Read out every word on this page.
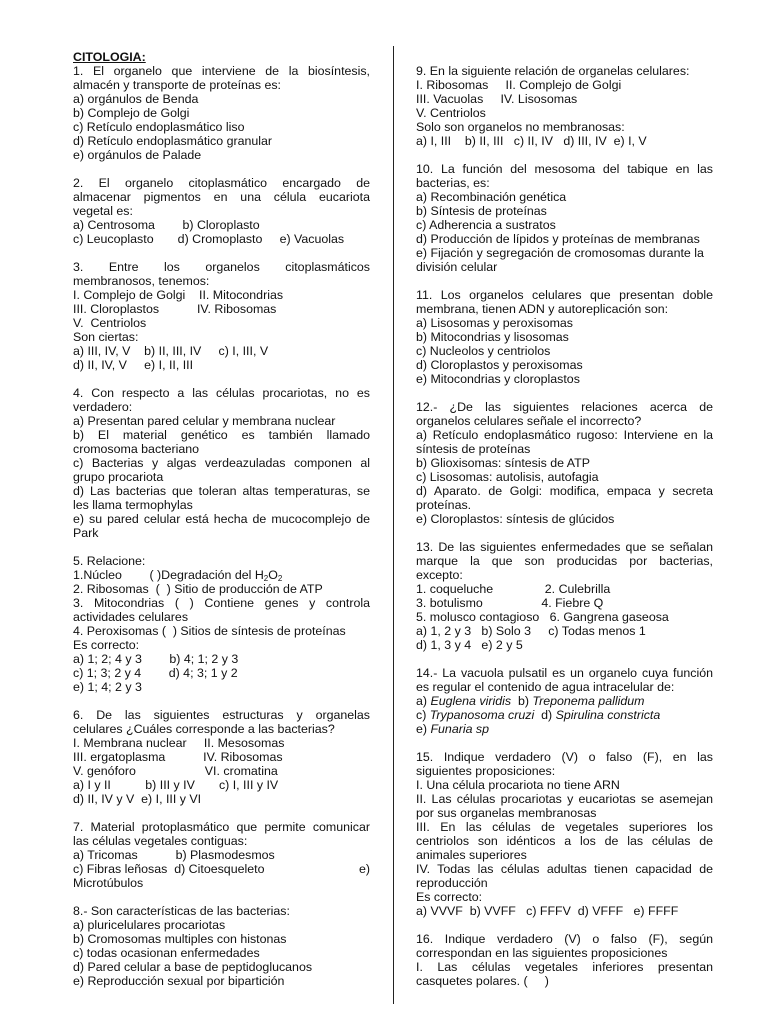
CITOLOGIA:
1. El organelo que interviene de la biosíntesis,
almacén y transporte de proteínas es:
a) orgánulos de Benda
b) Complejo de Golgi
c) Retículo endoplasmático liso
d) Retículo endoplasmático granular
e) orgánulos de Palade
2. El organelo citoplasmático encargado de
almacenar pigmentos en una célula eucariota
vegetal es:
a) Centrosoma        b) Cloroplasto
c) Leucoplasto       d) Cromoplasto     e) Vacuolas
3. Entre los organelos citoplasmáticos
membranosos, tenemos:
I. Complejo de Golgi    II. Mitocondrias
III. Cloroplastos           IV. Ribosomas
V.  Centriolos
Son ciertas:
a) III, IV, V    b) II, III, IV     c) I, III, V
d) II, IV, V     e) I, II, III
4. Con respecto a las células procariotas, no es
verdadero:
a) Presentan pared celular y membrana nuclear
b) El material genético es también llamado
cromosoma bacteriano
c) Bacterias y algas verdeazuladas componen al
grupo procariota
d) Las bacterias que toleran altas temperaturas, se
les llama termophylas
e) su pared celular está hecha de mucocomplejo de
Park
5. Relacione:
1.Núcleo        ( )Degradación del $H_2O_2$
2. Ribosomas  (  ) Sitio de producción de ATP
3. Mitocondrias ( ) Contiene genes y controla
actividades celulares
4. Peroxisomas (  ) Sitios de síntesis de proteínas
Es correcto:
a) 1; 2; 4 y 3        b) 4; 1; 2 y 3
c) 1; 3; 2 y 4        d) 4; 3; 1 y 2
e) 1; 4; 2 y 3
6. De las siguientes estructuras y organelas
celulares ¿Cuáles corresponde a las bacterias?
I. Membrana nuclear     II. Mesosomas
III. ergatoplasma           IV. Ribosomas
V. genóforo                    VI. cromatina
a) I y II          b) III y IV       c) I, III y IV
d) II, IV y V  e) I, III y VI
7. Material protoplasmático que permite comunicar
las células vegetales contiguas:
a) Tricomas           b) Plasmodesmos
c) Fibras leñosas  d) Citoesqueleto	e)
Microtúbulos
8.- Son características de las bacterias:
a) pluricelulares procariotas
b) Cromosomas multiples con histonas
c) todas ocasionan enfermedades
d) Pared celular a base de peptidoglucanos
e) Reproducción sexual por bipartición
9. En la siguiente relación de organelas celulares:
I. Ribosomas     II. Complejo de Golgi
III. Vacuolas     IV. Lisosomas
V. Centriolos
Solo son organelos no membranosas:
a) I, III    b) II, III   c) II, IV   d) III, IV  e) I, V
10. La función del mesosoma del tabique en las
bacterias, es:
a) Recombinación genética
b) Síntesis de proteínas
c) Adherencia a sustratos
d) Producción de lípidos y proteínas de membranas
e) Fijación y segregación de cromosomas durante la
división celular
11. Los organelos celulares que presentan doble
membrana, tienen ADN y autoreplicación son:
a) Lisosomas y peroxisomas
b) Mitocondrias y lisosomas
c) Nucleolos y centriolos
d) Cloroplastos y peroxisomas
e) Mitocondrias y cloroplastos
12.- ¿De las siguientes relaciones acerca de
organelos celulares señale el incorrecto?
a) Retículo endoplasmático rugoso: Interviene en la
síntesis de proteínas
b) Glioxisomas: síntesis de ATP
c) Lisosomas: autolisis, autofagia
d) Aparato. de Golgi: modifica, empaca y secreta
proteínas.
e) Cloroplastos: síntesis de glúcidos
13. De las siguientes enfermedades que se señalan
marque la que son producidas por bacterias,
excepto:
1. coqueluche               2. Culebrilla
3. botulismo                 4. Fiebre Q
5. molusco contagioso   6. Gangrena gaseosa
a) 1, 2 y 3   b) Solo 3     c) Todas menos 1
d) 1, 3 y 4   e) 2 y 5
14.- La vacuola pulsatil es un organelo cuya función
es regular el contenido de agua intracelular de:
a) Euglena viridis  b) Treponema pallidum
c) Trypanosoma cruzi  d) Spirulina constricta
e) Funaria sp
15. Indique verdadero (V) o falso (F), en las
siguientes proposiciones:
I. Una célula procariota no tiene ARN
II. Las células procariotas y eucariotas se asemejan
por sus organelas membranosas
III. En las células de vegetales superiores los
centriolos son idénticos a los de las células de
animales superiores
IV. Todas las células adultas tienen capacidad de
reproducción
Es correcto:
a) VVVF  b) VVFF   c) FFFV  d) VFFF   e) FFFF
16. Indique verdadero (V) o falso (F), según
correspondan en las siguientes proposiciones
I. Las células vegetales inferiores presentan
casquetes polares. (     )
